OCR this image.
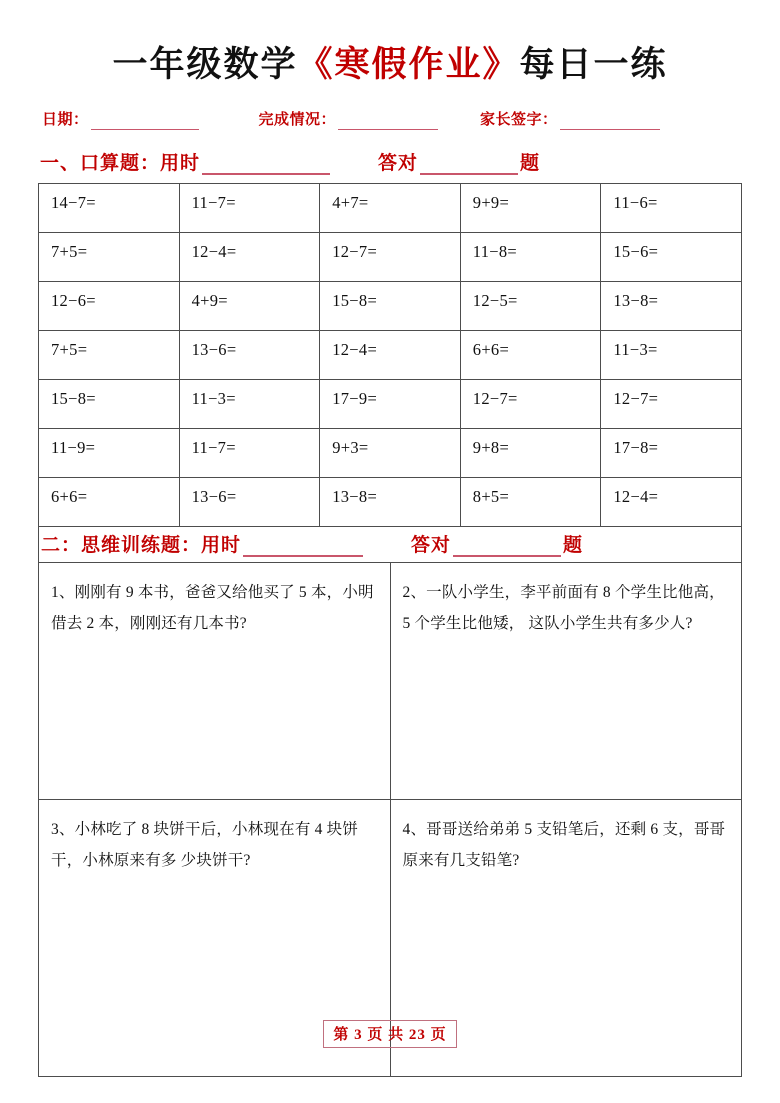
一年级数学《寒假作业》每日一练
日期：	完成情况：	家长签字：
一、口算题：用时	答对	题
14−7=	11−7=	4+7=	9+9=	11−6=
7+5=	12−4=	12−7=	11−8=	15−6=
12−6=	4+9=	15−8=	12−5=	13−8=
7+5=	13−6=	12−4=	6+6=	11−3=
15−8=	11−3=	17−9=	12−7=	12−7=
11−9=	11−7=	9+3=	9+8=	17−8=
6+6=	13−6=	13−8=	8+5=	12−4=
二：思维训练题：用时 答对 题	

1、刚刚有 9 本书，爸爸又给他买了 5 本，小明借去 2 本，刚刚还有几本书?	2、一队小学生，李平前面有 8 个学生比他高，5 个学生比他矮， 这队小学生共有多少人?
3、小林吃了 8 块饼干后，小林现在有 4 块饼干，小林原来有多 少块饼干?	4、哥哥送给弟弟 5 支铅笔后，还剩 6 支，哥哥原来有几支铅笔?
第 3 页 共 23 页
